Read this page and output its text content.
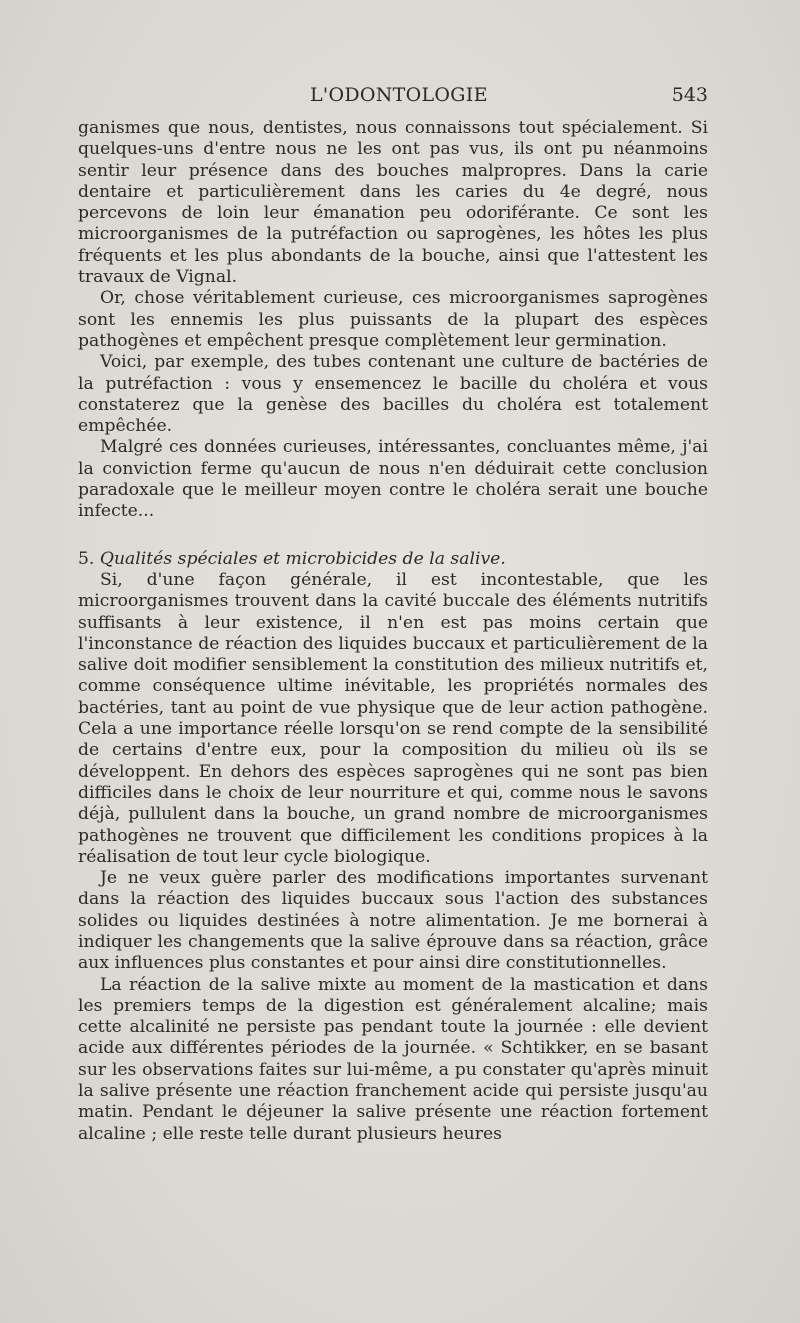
L'ODONTOLOGIE	543

ganismes que nous, dentistes, nous connaissons tout spécialement. Si quelques-uns d'entre nous ne les ont pas vus, ils ont pu néanmoins sentir leur présence dans des bouches malpropres. Dans la carie dentaire et particulièrement dans les caries du 4e degré, nous percevons de loin leur émanation peu odoriférante. Ce sont les microorganismes de la putréfaction ou saprogènes, les hôtes les plus fréquents et les plus abondants de la bouche, ainsi que l'attestent les travaux de Vignal.

Or, chose véritablement curieuse, ces microorganismes saprogènes sont les ennemis les plus puissants de la plupart des espèces pathogènes et empêchent presque complètement leur germination.

Voici, par exemple, des tubes contenant une culture de bactéries de la putréfaction : vous y ensemencez le bacille du choléra et vous constaterez que la genèse des bacilles du choléra est totalement empêchée.

Malgré ces données curieuses, intéressantes, concluantes même, j'ai la conviction ferme qu'aucun de nous n'en déduirait cette conclusion paradoxale que le meilleur moyen contre le choléra serait une bouche infecte...

5. Qualités spéciales et microbicides de la salive.

Si, d'une façon générale, il est incontestable, que les microorganismes trouvent dans la cavité buccale des éléments nutritifs suffisants à leur existence, il n'en est pas moins certain que l'inconstance de réaction des liquides buccaux et particulièrement de la salive doit modifier sensiblement la constitution des milieux nutritifs et, comme conséquence ultime inévitable, les propriétés normales des bactéries, tant au point de vue physique que de leur action pathogène. Cela a une importance réelle lorsqu'on se rend compte de la sensibilité de certains d'entre eux, pour la composition du milieu où ils se développent. En dehors des espèces saprogènes qui ne sont pas bien difficiles dans le choix de leur nourriture et qui, comme nous le savons déjà, pullulent dans la bouche, un grand nombre de microorganismes pathogènes ne trouvent que difficilement les conditions propices à la réalisation de tout leur cycle biologique.

Je ne veux guère parler des modifications importantes survenant dans la réaction des liquides buccaux sous l'action des substances solides ou liquides destinées à notre alimentation. Je me bornerai à indiquer les changements que la salive éprouve dans sa réaction, grâce aux influences plus constantes et pour ainsi dire constitutionnelles.

La réaction de la salive mixte au moment de la mastication et dans les premiers temps de la digestion est généralement alcaline; mais cette alcalinité ne persiste pas pendant toute la journée : elle devient acide aux différentes périodes de la journée. « Schtikker, en se basant sur les observations faites sur lui-même, a pu constater qu'après minuit la salive présente une réaction franchement acide qui persiste jusqu'au matin. Pendant le déjeuner la salive présente une réaction fortement alcaline ; elle reste telle durant plusieurs heures
